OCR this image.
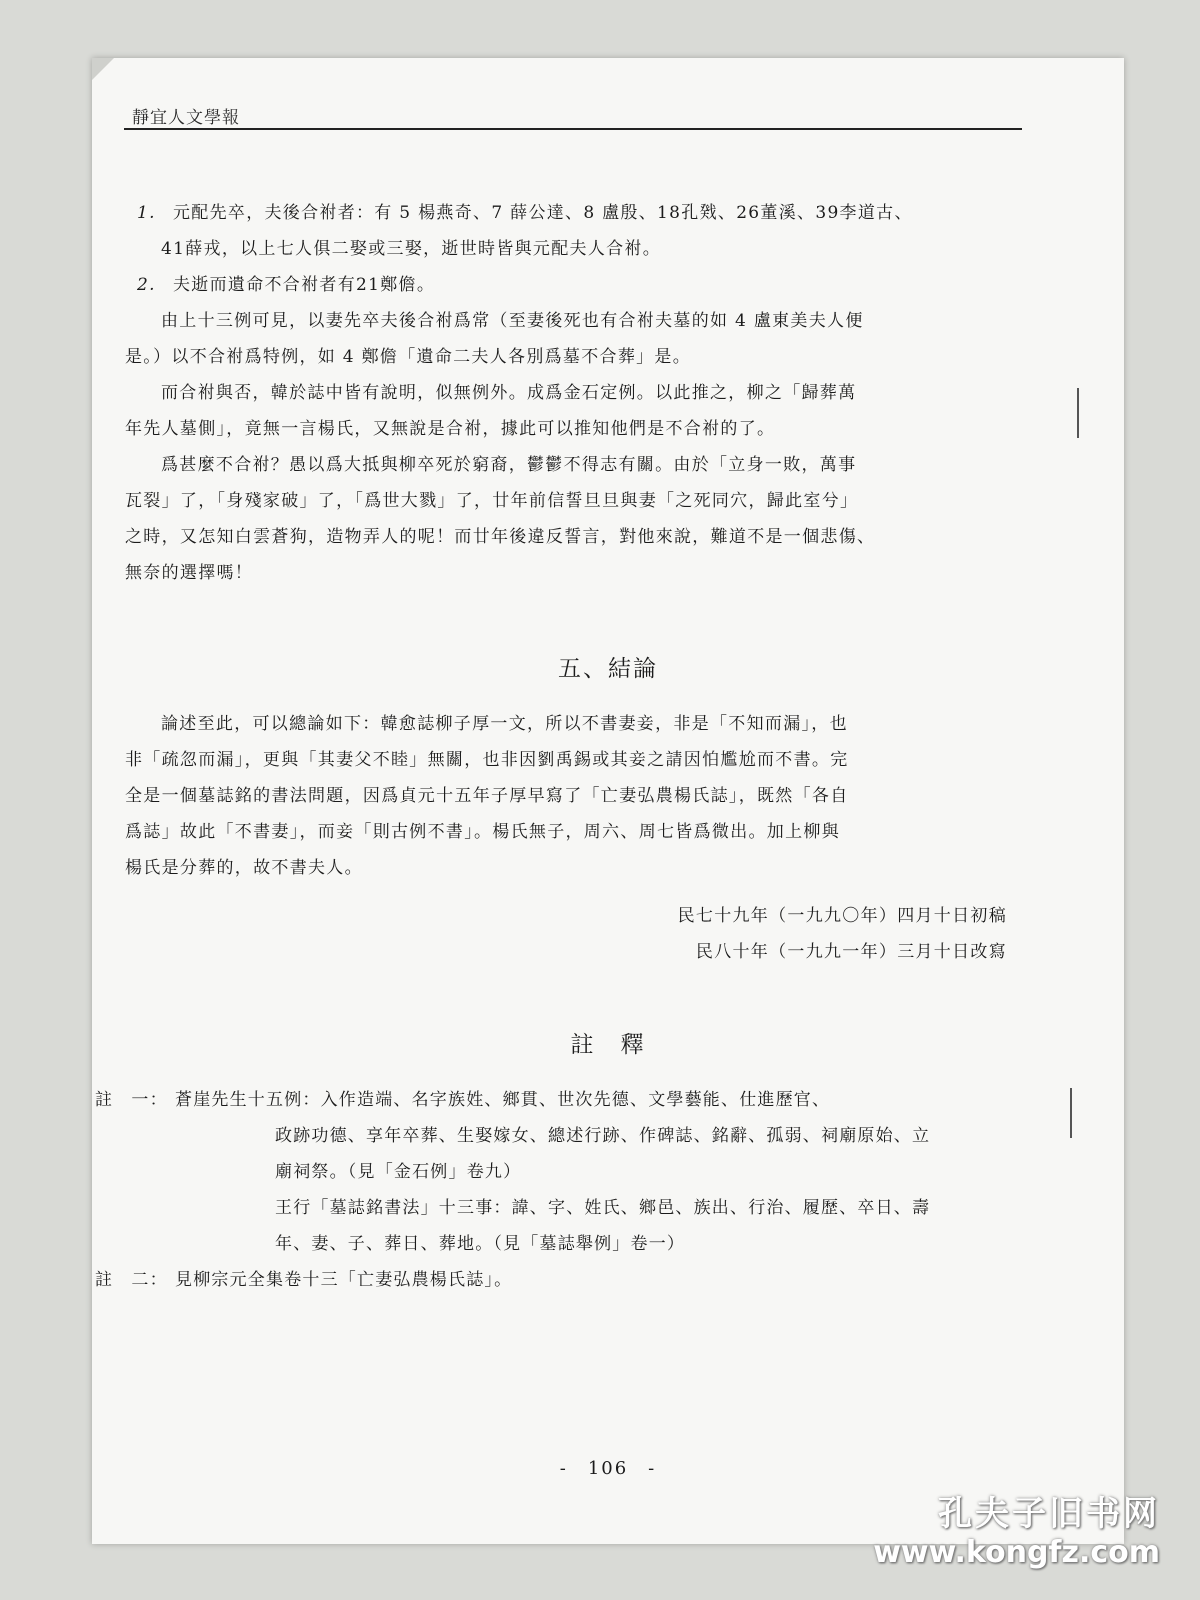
靜宜人文學報
1. 元配先卒，夫後合祔者：有 5 楊燕奇、7 薛公達、8 盧殷、18孔戣、26董溪、39李道古、
41薛戎，以上七人俱二娶或三娶，逝世時皆與元配夫人合祔。
2. 夫逝而遺命不合祔者有21鄭儋。
由上十三例可見，以妻先卒夫後合祔爲常（至妻後死也有合祔夫墓的如 4 盧東美夫人便
是。）以不合祔爲特例，如 4 鄭儋「遺命二夫人各別爲墓不合葬」是。
而合祔與否，韓於誌中皆有說明，似無例外。成爲金石定例。以此推之，柳之「歸葬萬
年先人墓側」，竟無一言楊氏，又無說是合祔，據此可以推知他們是不合祔的了。
爲甚麼不合祔？愚以爲大抵與柳卒死於窮裔，鬱鬱不得志有關。由於「立身一敗，萬事
瓦裂」了，「身殘家破」了，「爲世大戮」了，廿年前信誓旦旦與妻「之死同穴，歸此室兮」
之時，又怎知白雲蒼狗，造物弄人的呢！而廿年後違反誓言，對他來說，難道不是一個悲傷、
無奈的選擇嗎！
五、結論
論述至此，可以總論如下：韓愈誌柳子厚一文，所以不書妻妾，非是「不知而漏」，也
非「疏忽而漏」，更與「其妻父不睦」無關，也非因劉禹錫或其妾之請因怕尷尬而不書。完
全是一個墓誌銘的書法問題，因爲貞元十五年子厚早寫了「亡妻弘農楊氏誌」，既然「各自
爲誌」故此「不書妻」，而妾「則古例不書」。楊氏無子，周六、周七皆爲微出。加上柳與
楊氏是分葬的，故不書夫人。
民七十九年（一九九〇年）四月十日初稿
民八十年（一九九一年）三月十日改寫
註　釋
註　一： 蒼崖先生十五例：入作造端、名字族姓、鄉貫、世次先德、文學藝能、仕進歷官、
政跡功德、享年卒葬、生娶嫁女、總述行跡、作碑誌、銘辭、孤弱、祠廟原始、立
廟祠祭。（見「金石例」卷九）
王行「墓誌銘書法」十三事：諱、字、姓氏、鄉邑、族出、行治、履歷、卒日、壽
年、妻、子、葬日、葬地。（見「墓誌舉例」卷一）
註　二： 見柳宗元全集卷十三「亡妻弘農楊氏誌」。
-　106　-
孔夫子旧书网
www.kongfz.com
